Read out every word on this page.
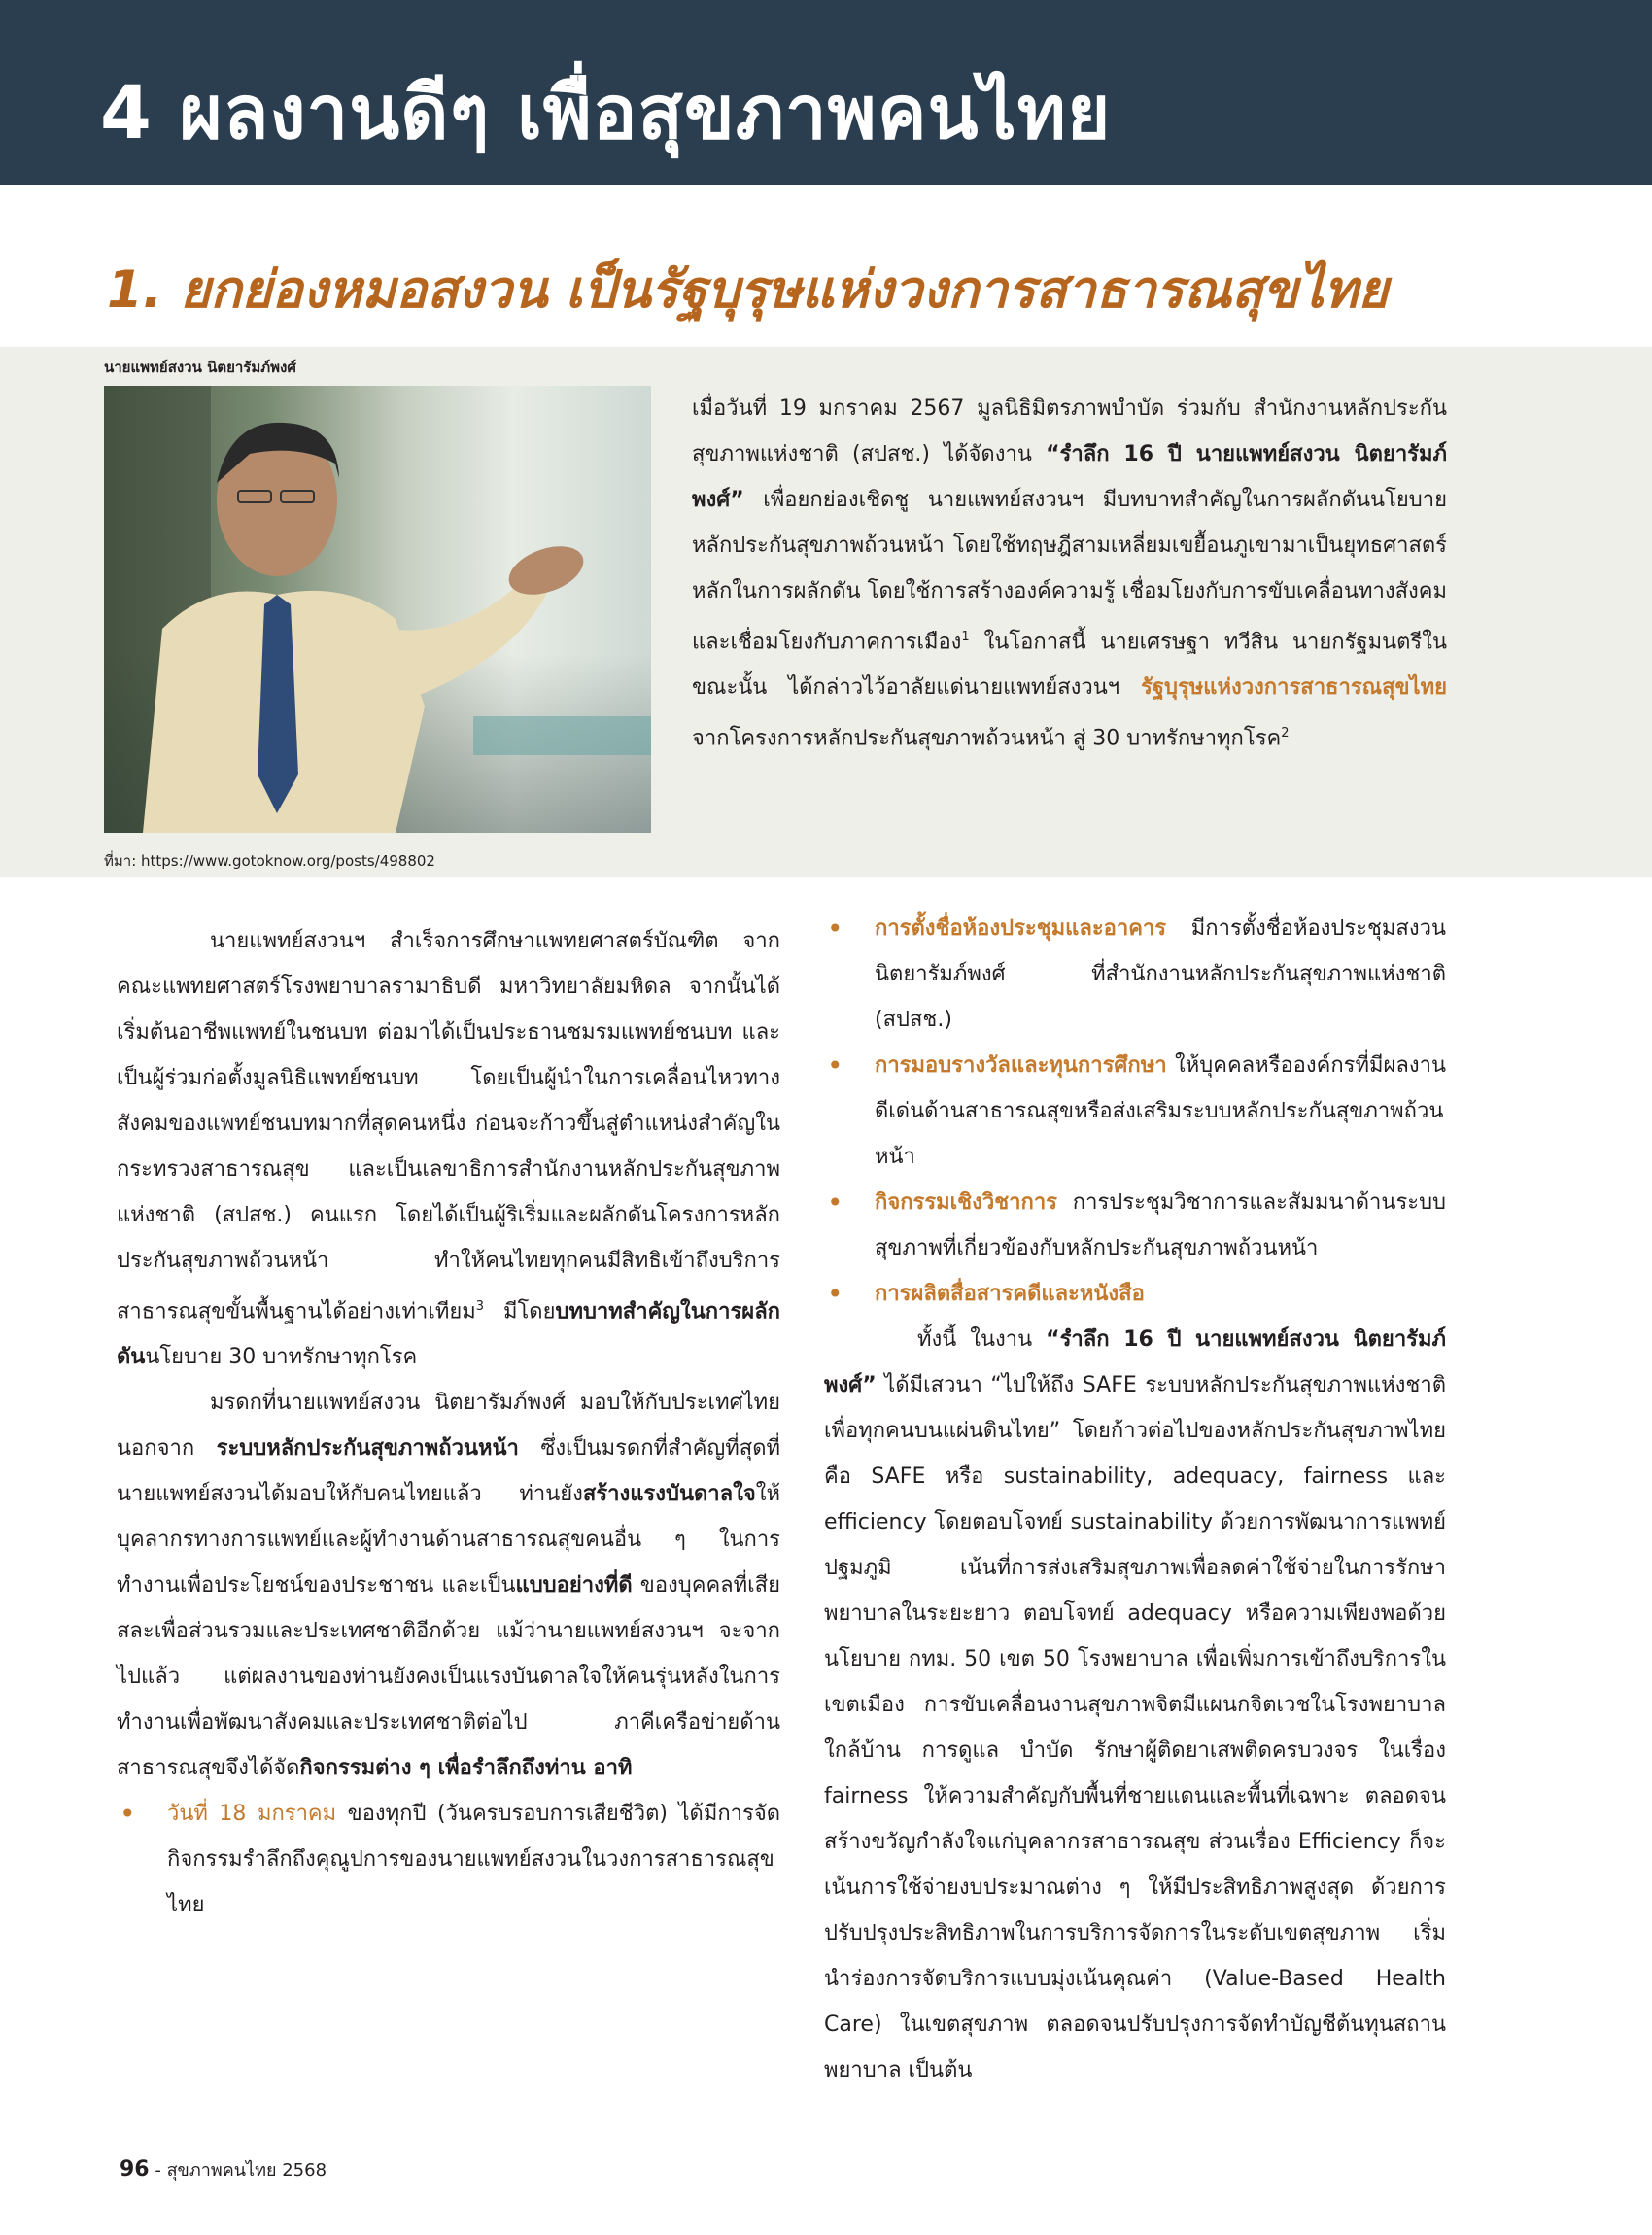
4 ผลงานดีๆ เพื่อสุขภาพคนไทย
1. ยกย่องหมอสงวน เป็นรัฐบุรุษแห่งวงการสาธารณสุขไทย
นายแพทย์สงวน นิตยารัมภ์พงศ์
ที่มา: https://www.gotoknow.org/posts/498802

เมื่อวันที่ 19 มกราคม 2567 มูลนิธิมิตรภาพบำบัด ร่วมกับ สำนักงานหลักประกันสุขภาพแห่งชาติ (สปสช.) ได้จัดงาน “รำลึก 16 ปี นายแพทย์สงวน นิตยารัมภ์พงศ์” เพื่อยกย่องเชิดชู นายแพทย์สงวนฯ มีบทบาทสำคัญในการผลักดันนโยบายหลักประกันสุขภาพถ้วนหน้า โดยใช้ทฤษฎีสามเหลี่ยมเขยื้อนภูเขามาเป็นยุทธศาสตร์หลักในการผลักดัน โดยใช้การสร้างองค์ความรู้ เชื่อมโยงกับการขับเคลื่อนทางสังคมและเชื่อมโยงกับภาคการเมือง$^1$ ในโอกาสนี้ นายเศรษฐา ทวีสิน นายกรัฐมนตรีในขณะนั้น ได้กล่าวไว้อาลัยแด่นายแพทย์สงวนฯ รัฐบุรุษแห่งวงการสาธารณสุขไทย จากโครงการหลักประกันสุขภาพถ้วนหน้า สู่ 30 บาทรักษาทุกโรค$^2$

นายแพทย์สงวนฯ สำเร็จการศึกษาแพทยศาสตร์บัณฑิต จากคณะแพทยศาสตร์โรงพยาบาลรามาธิบดี มหาวิทยาลัยมหิดล จากนั้นได้เริ่มต้นอาชีพแพทย์ในชนบท ต่อมาได้เป็นประธานชมรมแพทย์ชนบท และเป็นผู้ร่วมก่อตั้งมูลนิธิแพทย์ชนบท โดยเป็นผู้นำในการเคลื่อนไหวทางสังคมของแพทย์ชนบทมากที่สุดคนหนึ่ง ก่อนจะก้าวขึ้นสู่ตำแหน่งสำคัญในกระทรวงสาธารณสุข และเป็นเลขาธิการสำนักงานหลักประกันสุขภาพแห่งชาติ (สปสช.) คนแรก โดยได้เป็นผู้ริเริ่มและผลักดันโครงการหลักประกันสุขภาพถ้วนหน้า ทำให้คนไทยทุกคนมีสิทธิเข้าถึงบริการสาธารณสุขขั้นพื้นฐานได้อย่างเท่าเทียม$^3$ มีโดยบทบาทสำคัญในการผลักดันนโยบาย 30 บาทรักษาทุกโรค

มรดกที่นายแพทย์สงวน นิตยารัมภ์พงศ์ มอบให้กับประเทศไทย นอกจาก ระบบหลักประกันสุขภาพถ้วนหน้า ซึ่งเป็นมรดกที่สำคัญที่สุดที่นายแพทย์สงวนได้มอบให้กับคนไทยแล้ว ท่านยังสร้างแรงบันดาลใจให้บุคลากรทางการแพทย์และผู้ทำงานด้านสาธารณสุขคนอื่น ๆ ในการทำงานเพื่อประโยชน์ของประชาชน และเป็นแบบอย่างที่ดี ของบุคคลที่เสียสละเพื่อส่วนรวมและประเทศชาติอีกด้วย แม้ว่านายแพทย์สงวนฯ จะจากไปแล้ว แต่ผลงานของท่านยังคงเป็นแรงบันดาลใจให้คนรุ่นหลังในการทำงานเพื่อพัฒนาสังคมและประเทศชาติต่อไป ภาคีเครือข่ายด้านสาธารณสุขจึงได้จัดกิจกรรมต่าง ๆ เพื่อรำลึกถึงท่าน อาทิ

• วันที่ 18 มกราคม ของทุกปี (วันครบรอบการเสียชีวิต) ได้มีการจัดกิจกรรมรำลึกถึงคุณูปการของนายแพทย์สงวนในวงการสาธารณสุขไทย

• การตั้งชื่อห้องประชุมและอาคาร มีการตั้งชื่อห้องประชุมสงวน นิตยารัมภ์พงศ์ ที่สำนักงานหลักประกันสุขภาพแห่งชาติ (สปสช.)

• การมอบรางวัลและทุนการศึกษา ให้บุคคลหรือองค์กรที่มีผลงานดีเด่นด้านสาธารณสุขหรือส่งเสริมระบบหลักประกันสุขภาพถ้วนหน้า

• กิจกรรมเชิงวิชาการ การประชุมวิชาการและสัมมนาด้านระบบสุขภาพที่เกี่ยวข้องกับหลักประกันสุขภาพถ้วนหน้า

• การผลิตสื่อสารคดีและหนังสือ

ทั้งนี้ ในงาน “รำลึก 16 ปี นายแพทย์สงวน นิตยารัมภ์พงศ์” ได้มีเสวนา “ไปให้ถึง SAFE ระบบหลักประกันสุขภาพแห่งชาติเพื่อทุกคนบนแผ่นดินไทย” โดยก้าวต่อไปของหลักประกันสุขภาพไทยคือ SAFE หรือ sustainability, adequacy, fairness และ efficiency โดยตอบโจทย์ sustainability ด้วยการพัฒนาการแพทย์ปฐมภูมิ เน้นที่การส่งเสริมสุขภาพเพื่อลดค่าใช้จ่ายในการรักษาพยาบาลในระยะยาว ตอบโจทย์ adequacy หรือความเพียงพอด้วยนโยบาย กทม. 50 เขต 50 โรงพยาบาล เพื่อเพิ่มการเข้าถึงบริการในเขตเมือง การขับเคลื่อนงานสุขภาพจิตมีแผนกจิตเวชในโรงพยาบาลใกล้บ้าน การดูแล บำบัด รักษาผู้ติดยาเสพติดครบวงจร ในเรื่อง fairness ให้ความสำคัญกับพื้นที่ชายแดนและพื้นที่เฉพาะ ตลอดจนสร้างขวัญกำลังใจแก่บุคลากรสาธารณสุข ส่วนเรื่อง Efficiency ก็จะเน้นการใช้จ่ายงบประมาณต่าง ๆ ให้มีประสิทธิภาพสูงสุด ด้วยการปรับปรุงประสิทธิภาพในการบริการจัดการในระดับเขตสุขภาพ เริ่มนำร่องการจัดบริการแบบมุ่งเน้นคุณค่า (Value-Based Health Care) ในเขตสุขภาพ ตลอดจนปรับปรุงการจัดทำบัญชีต้นทุนสถานพยาบาล เป็นต้น

96 - สุขภาพคนไทย 2568
